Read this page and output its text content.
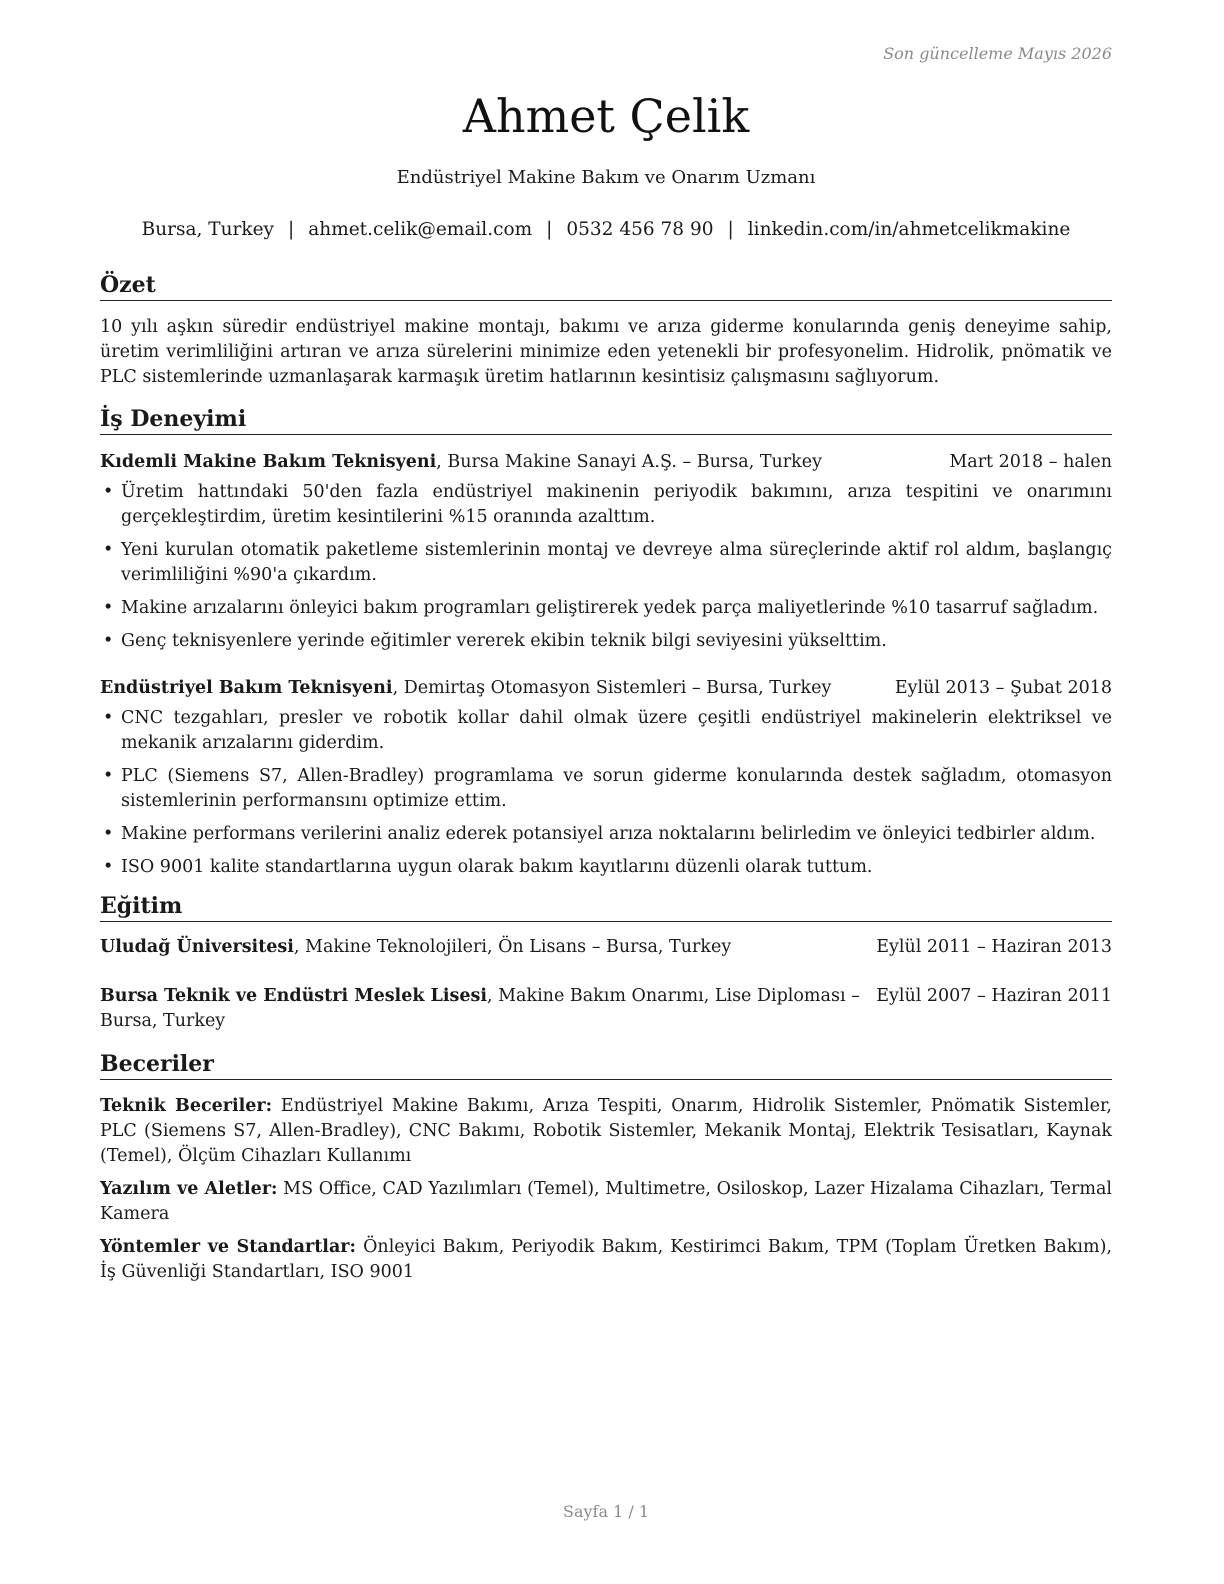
Son güncelleme Mayıs 2026
Ahmet Çelik
Endüstriyel Makine Bakım ve Onarım Uzmanı
Bursa, Turkey | ahmet.celik@email.com | 0532 456 78 90 | linkedin.com/in/ahmetcelikmakine
Özet
10 yılı aşkın süredir endüstriyel makine montajı, bakımı ve arıza giderme konularında geniş deneyime sahip, üretim verimliliğini artıran ve arıza sürelerini minimize eden yetenekli bir profesyonelim. Hidrolik, pnömatik ve PLC sistemlerinde uzmanlaşarak karmaşık üretim hatlarının kesintisiz çalışmasını sağlıyorum.
İş Deneyimi
Kıdemli Makine Bakım Teknisyeni, Bursa Makine Sanayi A.Ş. – Bursa, Turkey	Mart 2018 – halen
• Üretim hattındaki 50'den fazla endüstriyel makinenin periyodik bakımını, arıza tespitini ve onarımını gerçekleştirdim, üretim kesintilerini %15 oranında azalttım.
• Yeni kurulan otomatik paketleme sistemlerinin montaj ve devreye alma süreçlerinde aktif rol aldım, başlangıç verimliliğini %90'a çıkardım.
• Makine arızalarını önleyici bakım programları geliştirerek yedek parça maliyetlerinde %10 tasarruf sağladım.
• Genç teknisyenlere yerinde eğitimler vererek ekibin teknik bilgi seviyesini yükselttim.
Endüstriyel Bakım Teknisyeni, Demirtaş Otomasyon Sistemleri – Bursa, Turkey	Eylül 2013 – Şubat 2018
• CNC tezgahları, presler ve robotik kollar dahil olmak üzere çeşitli endüstriyel makinelerin elektriksel ve mekanik arızalarını giderdim.
• PLC (Siemens S7, Allen-Bradley) programlama ve sorun giderme konularında destek sağladım, otomasyon sistemlerinin performansını optimize ettim.
• Makine performans verilerini analiz ederek potansiyel arıza noktalarını belirledim ve önleyici tedbirler aldım.
• ISO 9001 kalite standartlarına uygun olarak bakım kayıtlarını düzenli olarak tuttum.
Eğitim
Uludağ Üniversitesi, Makine Teknolojileri, Ön Lisans – Bursa, Turkey	Eylül 2011 – Haziran 2013
Bursa Teknik ve Endüstri Meslek Lisesi, Makine Bakım Onarımı, Lise Diploması – Bursa, Turkey
Eylül 2007 – Haziran 2011
Beceriler
Teknik Beceriler: Endüstriyel Makine Bakımı, Arıza Tespiti, Onarım, Hidrolik Sistemler, Pnömatik Sistemler, PLC (Siemens S7, Allen-Bradley), CNC Bakımı, Robotik Sistemler, Mekanik Montaj, Elektrik Tesisatları, Kaynak (Temel), Ölçüm Cihazları Kullanımı
Yazılım ve Aletler: MS Office, CAD Yazılımları (Temel), Multimetre, Osiloskop, Lazer Hizalama Cihazları, Termal Kamera
Yöntemler ve Standartlar: Önleyici Bakım, Periyodik Bakım, Kestirimci Bakım, TPM (Toplam Üretken Bakım), İş Güvenliği Standartları, ISO 9001
Sayfa 1 / 1
